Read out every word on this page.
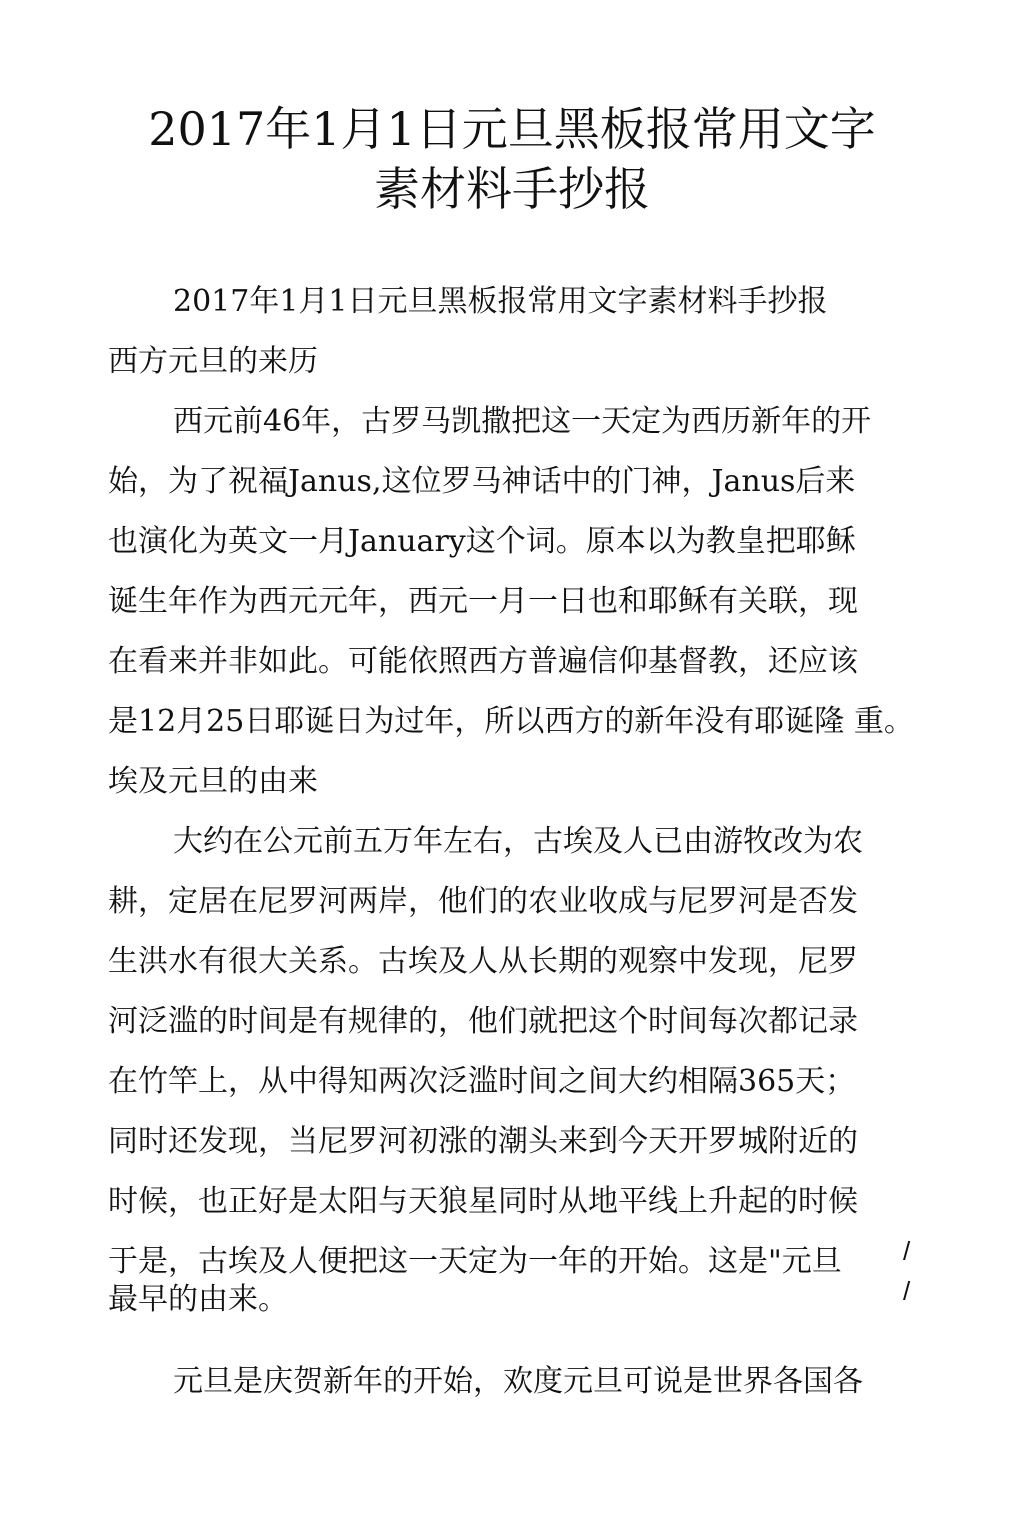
2017年1月1日元旦黑板报常用文字
素材料手抄报

2017年1月1日元旦黑板报常用文字素材料手抄报

西方元旦的来历

西元前46年，古罗马凯撒把这一天定为西历新年的开

始，为了祝福Janus,这位罗马神话中的门神，Janus后来

也演化为英文一月January这个词。原本以为教皇把耶稣

诞生年作为西元元年，西元一月一日也和耶稣有关联，现

在看来并非如此。可能依照西方普遍信仰基督教，还应该

是12月25日耶诞日为过年，所以西方的新年没有耶诞隆 重。

埃及元旦的由来

大约在公元前五万年左右，古埃及人已由游牧改为农

耕，定居在尼罗河两岸，他们的农业收成与尼罗河是否发

生洪水有很大关系。古埃及人从长期的观察中发现，尼罗

河泛滥的时间是有规律的，他们就把这个时间每次都记录

在竹竿上，从中得知两次泛滥时间之间大约相隔365天；

同时还发现，当尼罗河初涨的潮头来到今天开罗城附近的

时候，也正好是太阳与天狼星同时从地平线上升起的时候

于是，古埃及人便把这一天定为一年的开始。这是"元旦

最早的由来。

元旦是庆贺新年的开始，欢度元旦可说是世界各国各

/
/
